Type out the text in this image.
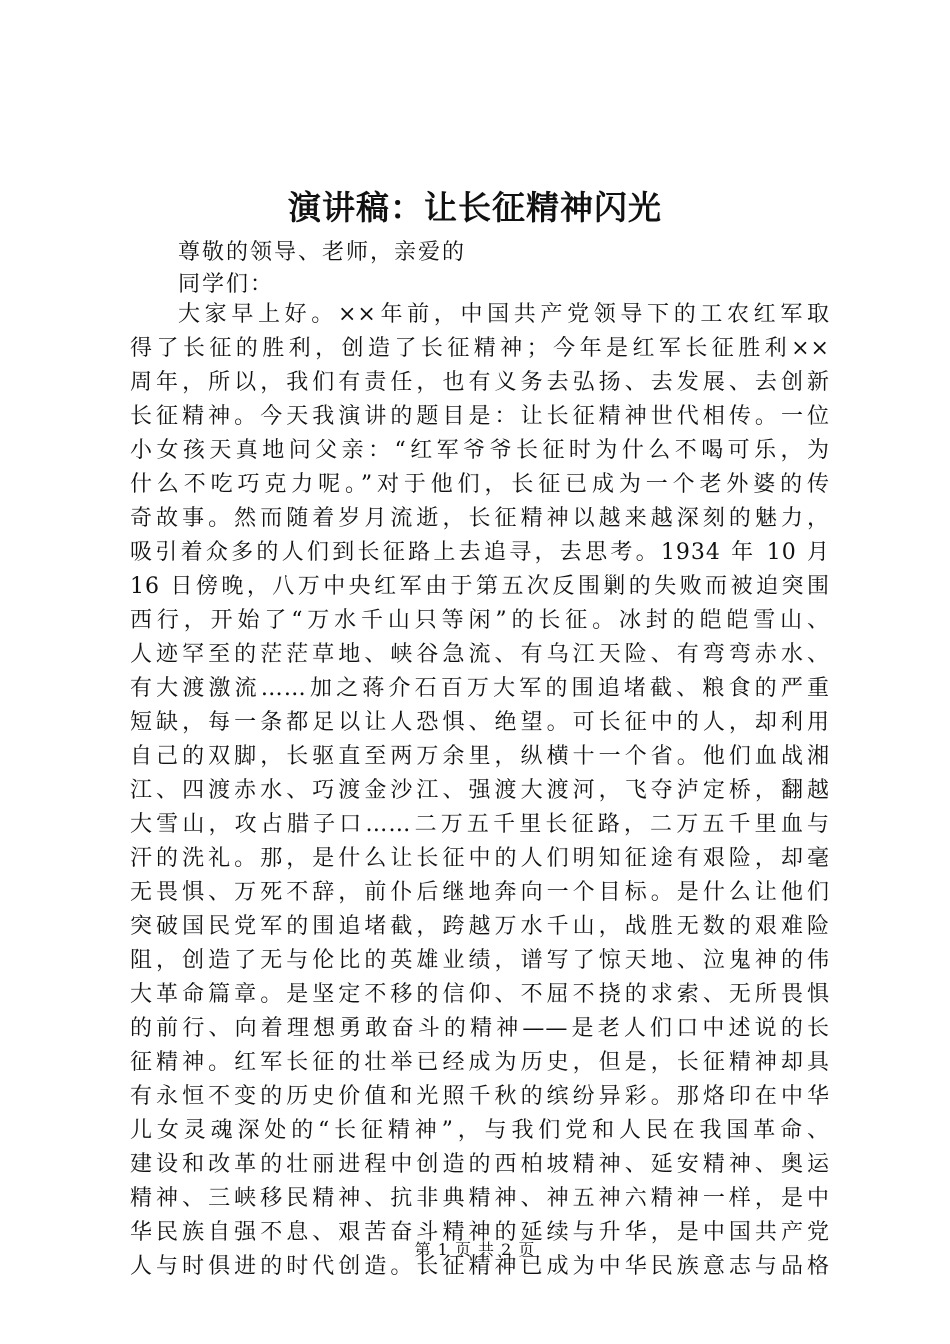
演讲稿：让长征精神闪光
尊敬的领导、老师，亲爱的
同学们：
大家早上好。××年前，中国共产党领导下的工农红军取
得了长征的胜利，创造了长征精神；今年是红军长征胜利××
周年，所以，我们有责任，也有义务去弘扬、去发展、去创新
长征精神。今天我演讲的题目是：让长征精神世代相传。一位
小女孩天真地问父亲：“红军爷爷长征时为什么不喝可乐，为
什么不吃巧克力呢。”对于他们，长征已成为一个老外婆的传
奇故事。然而随着岁月流逝，长征精神以越来越深刻的魅力，
吸引着众多的人们到长征路上去追寻，去思考。1934 年 10 月
16 日傍晚，八万中央红军由于第五次反围剿的失败而被迫突围
西行，开始了“万水千山只等闲”的长征。冰封的皑皑雪山、
人迹罕至的茫茫草地、峡谷急流、有乌江天险、有弯弯赤水、
有大渡激流……加之蒋介石百万大军的围追堵截、粮食的严重
短缺，每一条都足以让人恐惧、绝望。可长征中的人，却利用
自己的双脚，长驱直至两万余里，纵横十一个省。他们血战湘
江、四渡赤水、巧渡金沙江、强渡大渡河，飞夺泸定桥，翻越
大雪山，攻占腊子口……二万五千里长征路，二万五千里血与
汗的洗礼。那，是什么让长征中的人们明知征途有艰险，却毫
无畏惧、万死不辞，前仆后继地奔向一个目标。是什么让他们
突破国民党军的围追堵截，跨越万水千山，战胜无数的艰难险
阻，创造了无与伦比的英雄业绩，谱写了惊天地、泣鬼神的伟
大革命篇章。是坚定不移的信仰、不屈不挠的求索、无所畏惧
的前行、向着理想勇敢奋斗的精神——是老人们口中述说的长
征精神。红军长征的壮举已经成为历史，但是，长征精神却具
有永恒不变的历史价值和光照千秋的缤纷异彩。那烙印在中华
儿女灵魂深处的“长征精神”，与我们党和人民在我国革命、
建设和改革的壮丽进程中创造的西柏坡精神、延安精神、奥运
精神、三峡移民精神、抗非典精神、神五神六精神一样，是中
华民族自强不息、艰苦奋斗精神的延续与升华，是中国共产党
人与时俱进的时代创造。长征精神已成为中华民族意志与品格
第 1 页 共 2 页
